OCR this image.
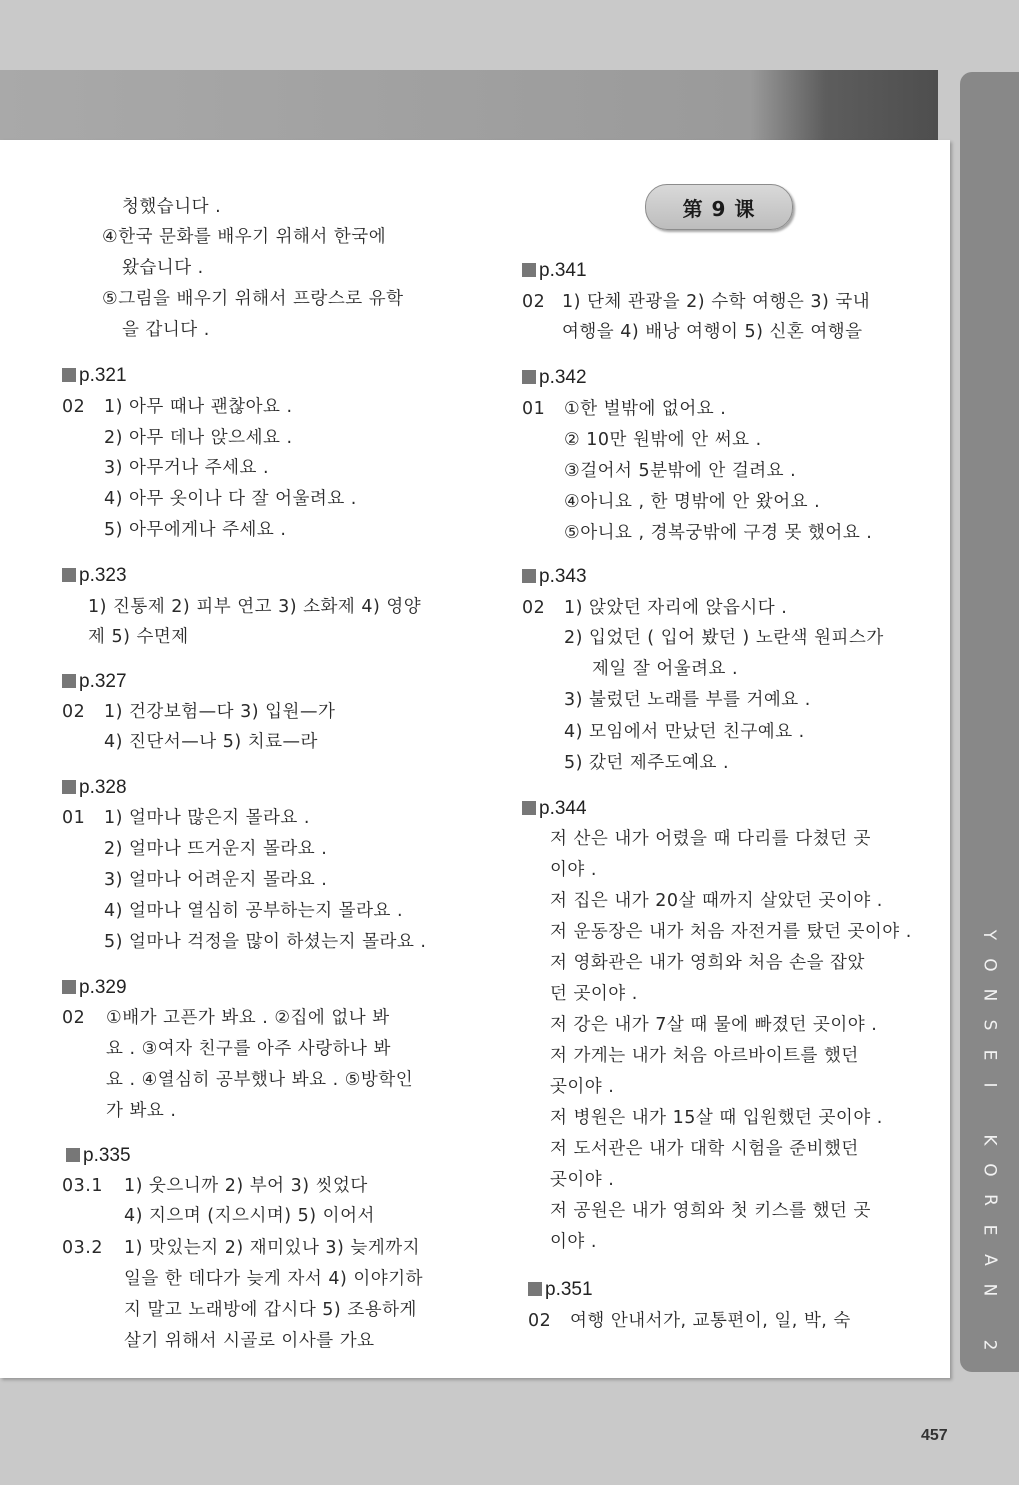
Y
O
N
S
E
I
K
O
R
E
A
N
2
第 9 课
청했습니다 .
④한국 문화를 배우기 위해서 한국에
왔습니다 .
⑤그림을 배우기 위해서 프랑스로 유학
을 갑니다 .
p.321
02 1) 아무 때나 괜찮아요 .
2) 아무 데나 앉으세요 .
3) 아무거나 주세요 .
4) 아무 옷이나 다 잘 어울려요 .
5) 아무에게나 주세요 .
p.323
1) 진통제 2) 피부 연고 3) 소화제 4) 영양
제 5) 수면제
p.327
02 1) 건강보험—다 3) 입원—가
4) 진단서—나 5) 치료—라
p.328
01 1) 얼마나 많은지 몰라요 .
2) 얼마나 뜨거운지 몰라요 .
3) 얼마나 어려운지 몰라요 .
4) 얼마나 열심히 공부하는지 몰라요 .
5) 얼마나 걱정을 많이 하셨는지 몰라요 .
p.329
02 ①배가 고픈가 봐요 . ②집에 없나 봐
요 . ③여자 친구를 아주 사랑하나 봐
요 . ④열심히 공부했나 봐요 . ⑤방학인
가 봐요 .
p.335
03.1 1) 웃으니까 2) 부어 3) 씻었다
4) 지으며 (지으시며) 5) 이어서
03.2 1) 맛있는지 2) 재미있나 3) 늦게까지
일을 한 데다가 늦게 자서 4) 이야기하
지 말고 노래방에 갑시다 5) 조용하게
살기 위해서 시골로 이사를 가요
p.341
02 1) 단체 관광을 2) 수학 여행은 3) 국내
여행을 4) 배낭 여행이 5) 신혼 여행을
p.342
01 ①한 벌밖에 없어요 .
② 10만 원밖에 안 써요 .
③걸어서 5분밖에 안 걸려요 .
④아니요 , 한 명밖에 안 왔어요 .
⑤아니요 , 경복궁밖에 구경 못 했어요 .
p.343
02 1) 앉았던 자리에 앉읍시다 .
2) 입었던 ( 입어 봤던 ) 노란색 원피스가
제일 잘 어울려요 .
3) 불렀던 노래를 부를 거예요 .
4) 모임에서 만났던 친구예요 .
5) 갔던 제주도예요 .
p.344
저 산은 내가 어렸을 때 다리를 다쳤던 곳
이야 .
저 집은 내가 20살 때까지 살았던 곳이야 .
저 운동장은 내가 처음 자전거를 탔던 곳이야 .
저 영화관은 내가 영희와 처음 손을 잡았
던 곳이야 .
저 강은 내가 7살 때 물에 빠졌던 곳이야 .
저 가게는 내가 처음 아르바이트를 했던
곳이야 .
저 병원은 내가 15살 때 입원했던 곳이야 .
저 도서관은 내가 대학 시험을 준비했던
곳이야 .
저 공원은 내가 영희와 첫 키스를 했던 곳
이야 .
p.351
02 여행 안내서가, 교통편이, 일, 박, 숙
457
